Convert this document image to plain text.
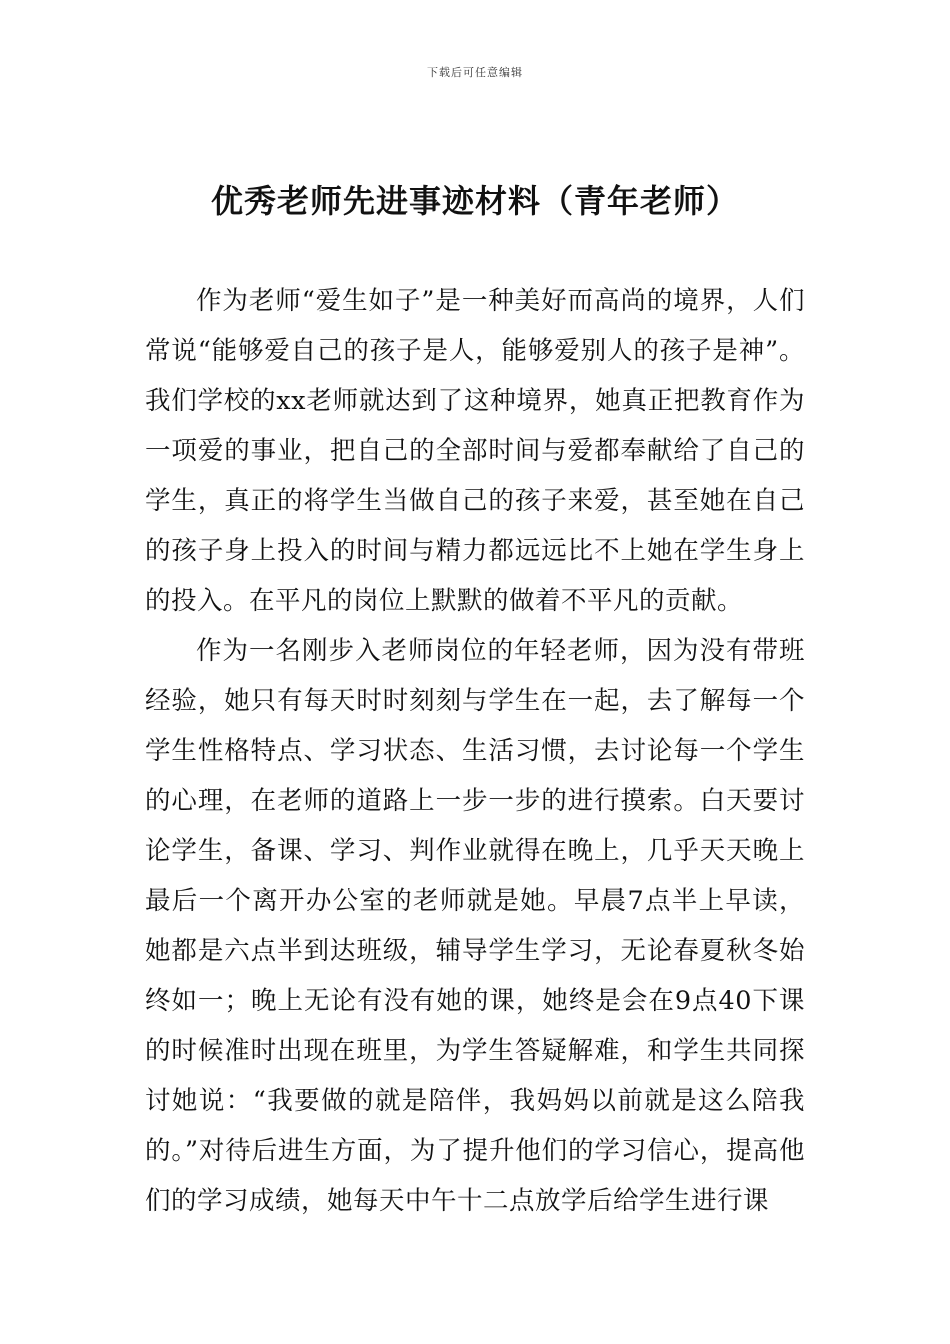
下载后可任意编辑
优秀老师先进事迹材料（青年老师）

作为老师“爱生如子”是一种美好而高尚的境界，人们常说“能够爱自己的孩子是人，能够爱别人的孩子是神”。我们学校的xx老师就达到了这种境界，她真正把教育作为一项爱的事业，把自己的全部时间与爱都奉献给了自己的学生，真正的将学生当做自己的孩子来爱，甚至她在自己的孩子身上投入的时间与精力都远远比不上她在学生身上的投入。在平凡的岗位上默默的做着不平凡的贡献。

作为一名刚步入老师岗位的年轻老师，因为没有带班经验，她只有每天时时刻刻与学生在一起，去了解每一个学生性格特点、学习状态、生活习惯，去讨论每一个学生的心理，在老师的道路上一步一步的进行摸索。白天要讨论学生，备课、学习、判作业就得在晚上，几乎天天晚上最后一个离开办公室的老师就是她。早晨7点半上早读，她都是六点半到达班级，辅导学生学习，无论春夏秋冬始终如一；晚上无论有没有她的课，她终是会在9点40下课的时候准时出现在班里，为学生答疑解难，和学生共同探讨她说：“我要做的就是陪伴，我妈妈以前就是这么陪我的。”对待后进生方面，为了提升他们的学习信心，提高他们的学习成绩，她每天中午十二点放学后给学生进行课
